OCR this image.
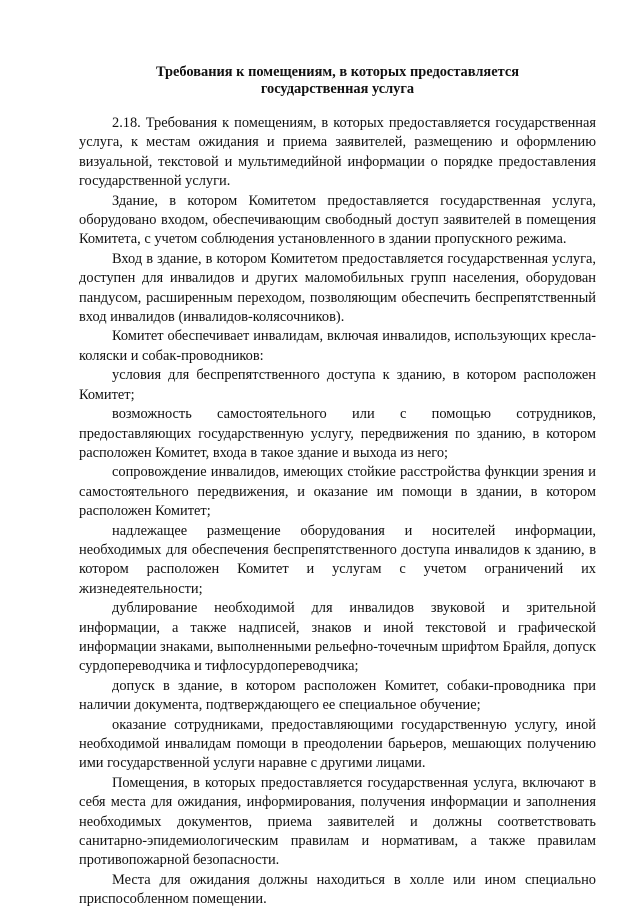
Требования к помещениям, в которых предоставляется
государственная услуга

2.18. Требования к помещениям, в которых предоставляется государственная услуга, к местам ожидания и приема заявителей, размещению и оформлению визуальной, текстовой и мультимедийной информации о порядке предоставления государственной услуги.

Здание, в котором Комитетом предоставляется государственная услуга, оборудовано входом, обеспечивающим свободный доступ заявителей в помещения Комитета, с учетом соблюдения установленного в здании пропускного режима.

Вход в здание, в котором Комитетом предоставляется государственная услуга, доступен для инвалидов и других маломобильных групп населения, оборудован пандусом, расширенным переходом, позволяющим обеспечить беспрепятственный вход инвалидов (инвалидов-колясочников).

Комитет обеспечивает инвалидам, включая инвалидов, использующих кресла-коляски и собак-проводников:

условия для беспрепятственного доступа к зданию, в котором расположен Комитет;

возможность самостоятельного или с помощью сотрудников, предоставляющих государственную услугу, передвижения по зданию, в котором расположен Комитет, входа в такое здание и выхода из него;

сопровождение инвалидов, имеющих стойкие расстройства функции зрения и самостоятельного передвижения, и оказание им помощи в здании, в котором расположен Комитет;

надлежащее размещение оборудования и носителей информации, необходимых для обеспечения беспрепятственного доступа инвалидов к зданию, в котором расположен Комитет и услугам с учетом ограничений их жизнедеятельности;

дублирование необходимой для инвалидов звуковой и зрительной информации, а также надписей, знаков и иной текстовой и графической информации знаками, выполненными рельефно-точечным шрифтом Брайля, допуск сурдопереводчика и тифлосурдопереводчика;

допуск в здание, в котором расположен Комитет, собаки-проводника при наличии документа, подтверждающего ее специальное обучение;

оказание сотрудниками, предоставляющими государственную услугу, иной необходимой инвалидам помощи в преодолении барьеров, мешающих получению ими государственной услуги наравне с другими лицами.

Помещения, в которых предоставляется государственная услуга, включают в себя места для ожидания, информирования, получения информации и заполнения необходимых документов, приема заявителей и должны соответствовать санитарно-эпидемиологическим правилам и нормативам, а также правилам противопожарной безопасности.

Места для ожидания должны находиться в холле или ином специально приспособленном помещении.
